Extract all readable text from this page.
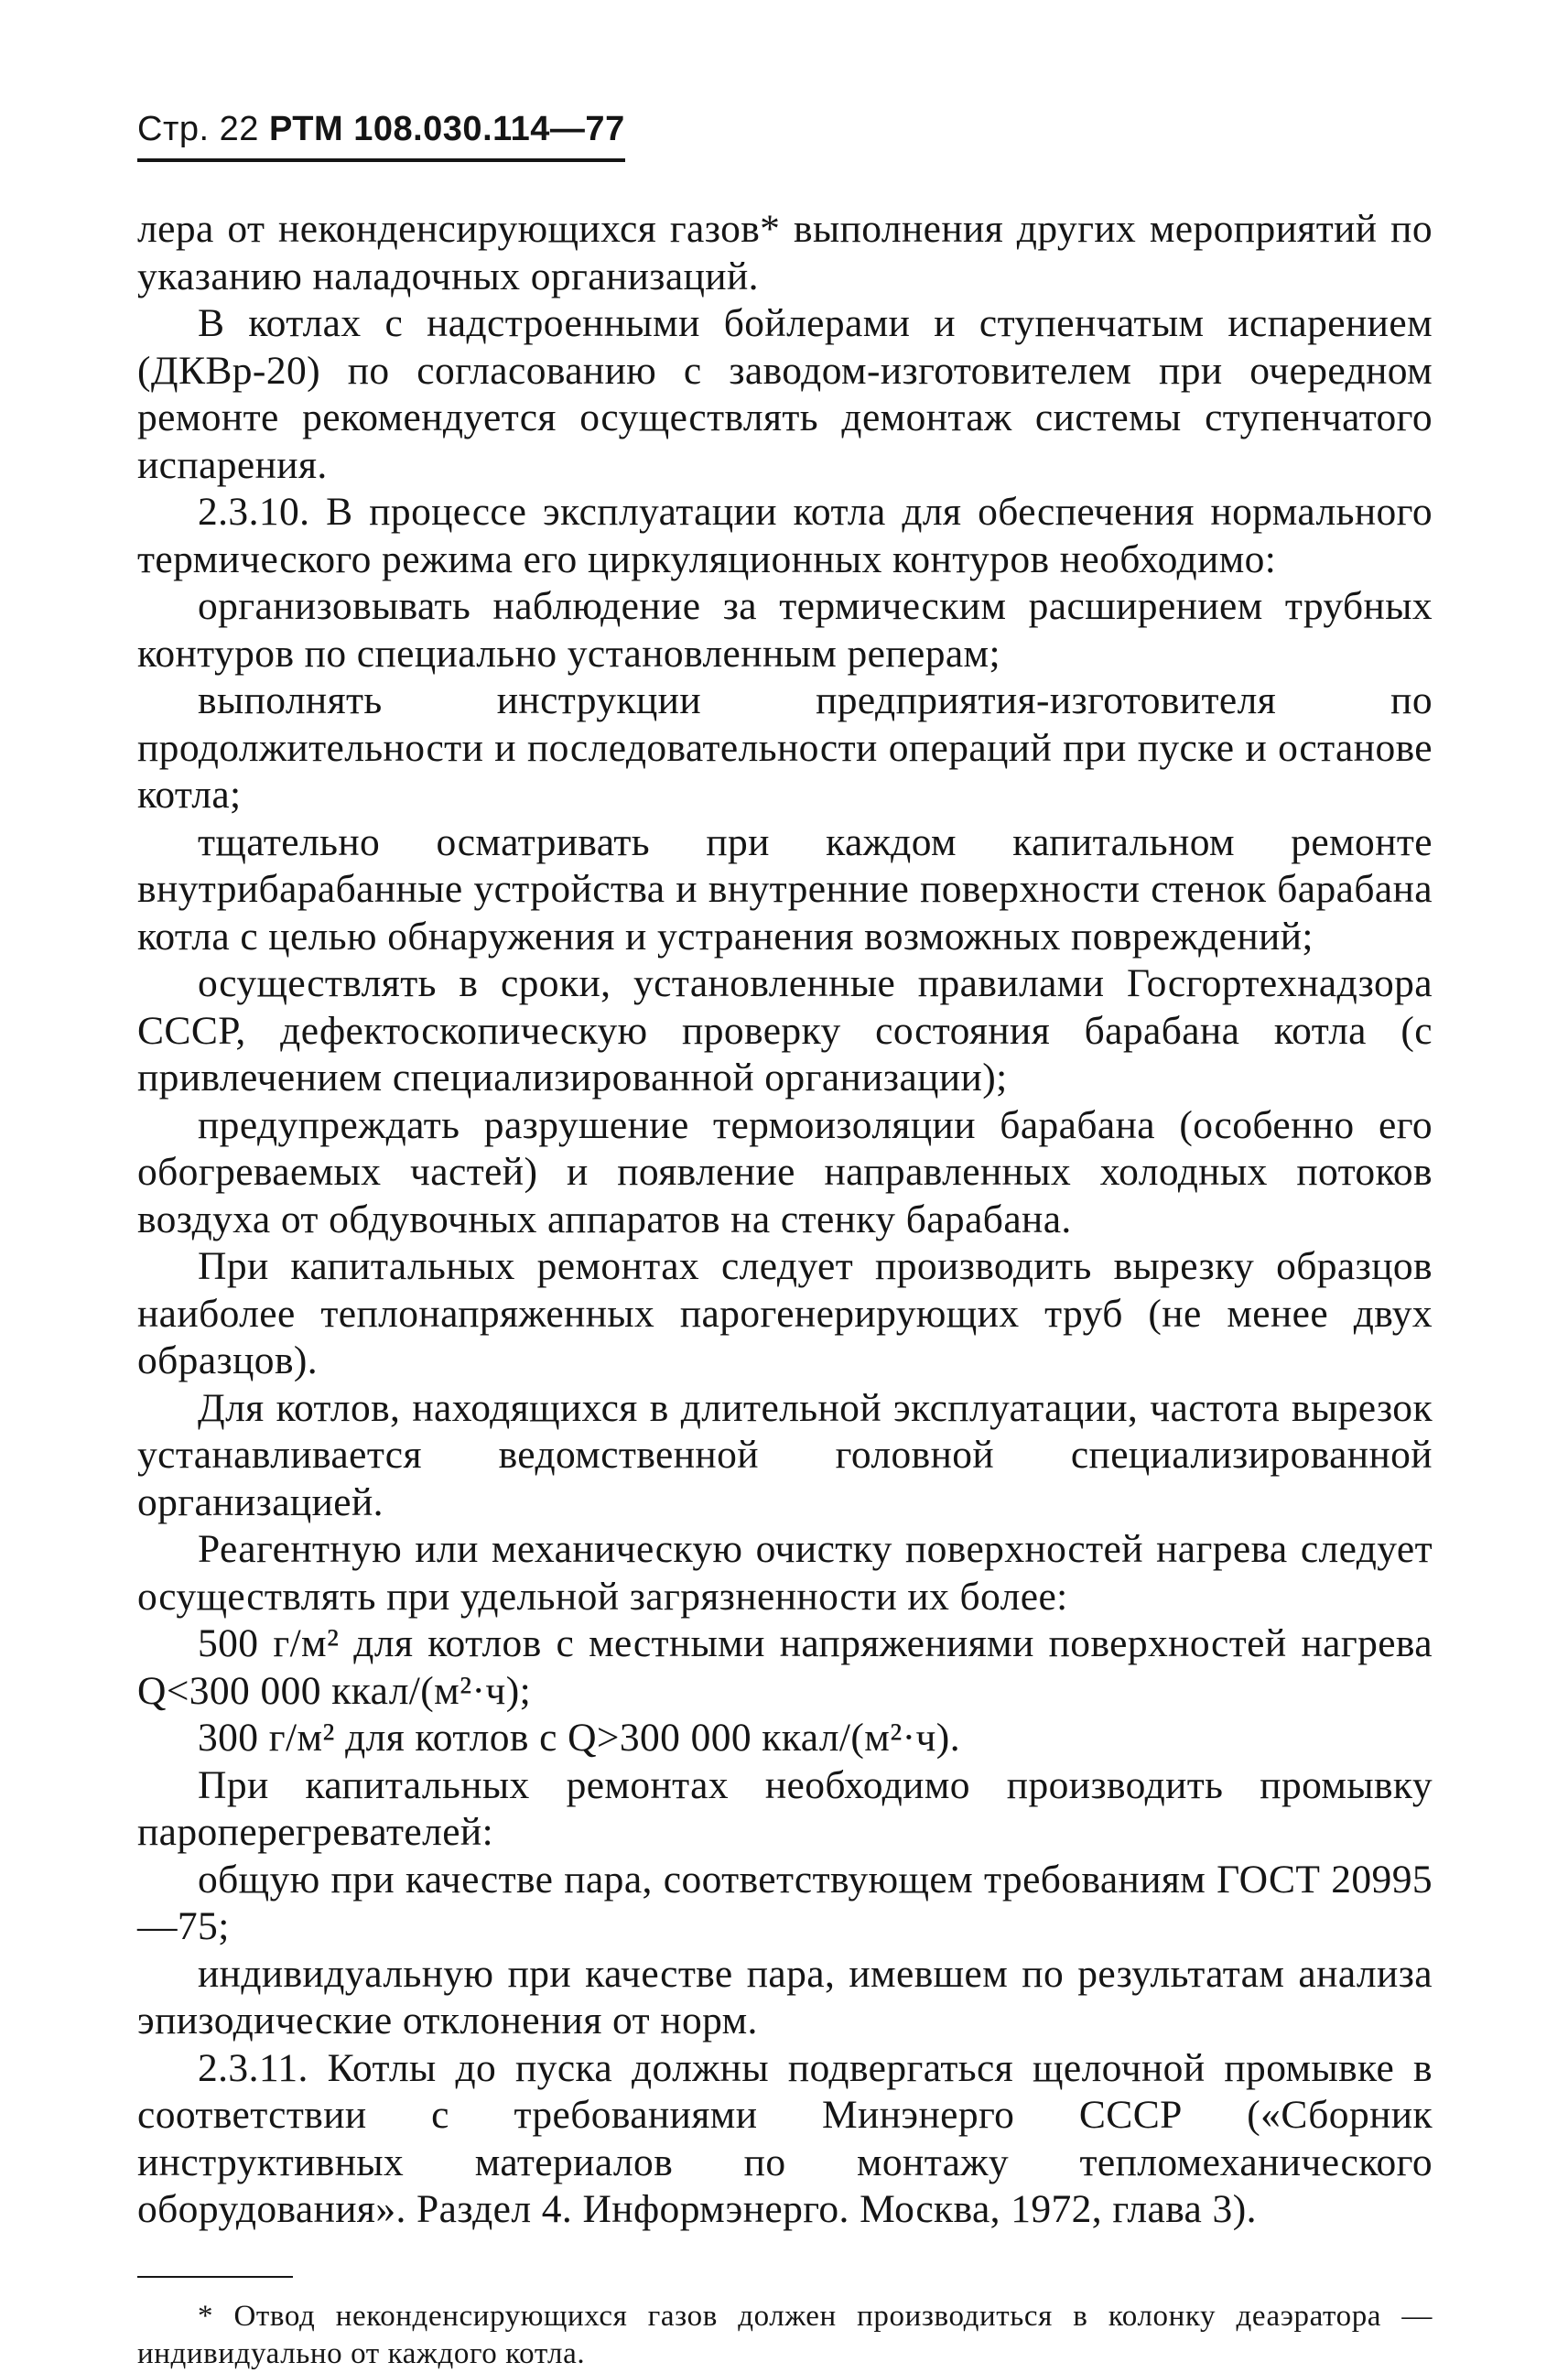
Стр. 22 РТМ 108.030.114—77

лера от неконденсирующихся газов* выполнения других мероприятий по указанию наладочных организаций.

В котлах с надстроенными бойлерами и ступенчатым испарением (ДКВр-20) по согласованию с заводом-изготовителем при очередном ремонте рекомендуется осуществлять демонтаж системы ступенчатого испарения.

2.3.10. В процессе эксплуатации котла для обеспечения нормального термического режима его циркуляционных контуров необходимо:

организовывать наблюдение за термическим расширением трубных контуров по специально установленным реперам;

выполнять инструкции предприятия-изготовителя по продолжительности и последовательности операций при пуске и останове котла;

тщательно осматривать при каждом капитальном ремонте внутрибарабанные устройства и внутренние поверхности стенок барабана котла с целью обнаружения и устранения возможных повреждений;

осуществлять в сроки, установленные правилами Госгортехнадзора СССР, дефектоскопическую проверку состояния барабана котла (с привлечением специализированной организации);

предупреждать разрушение термоизоляции барабана (особенно его обогреваемых частей) и появление направленных холодных потоков воздуха от обдувочных аппаратов на стенку барабана.

При капитальных ремонтах следует производить вырезку образцов наиболее теплонапряженных парогенерирующих труб (не менее двух образцов).

Для котлов, находящихся в длительной эксплуатации, частота вырезок устанавливается ведомственной головной специализированной организацией.

Реагентную или механическую очистку поверхностей нагрева следует осуществлять при удельной загрязненности их более:

500 г/м² для котлов с местными напряжениями поверхностей нагрева Q<300 000 ккал/(м²·ч);

300 г/м² для котлов с Q>300 000 ккал/(м²·ч).

При капитальных ремонтах необходимо производить промывку пароперегревателей:

общую при качестве пара, соответствующем требованиям ГОСТ 20995—75;

индивидуальную при качестве пара, имевшем по результатам анализа эпизодические отклонения от норм.

2.3.11. Котлы до пуска должны подвергаться щелочной промывке в соответствии с требованиями Минэнерго СССР («Сборник инструктивных материалов по монтажу тепломеханического оборудования». Раздел 4. Информэнерго. Москва, 1972, глава 3).

* Отвод неконденсирующихся газов должен производиться в колонку деаэратора — индивидуально от каждого котла.
